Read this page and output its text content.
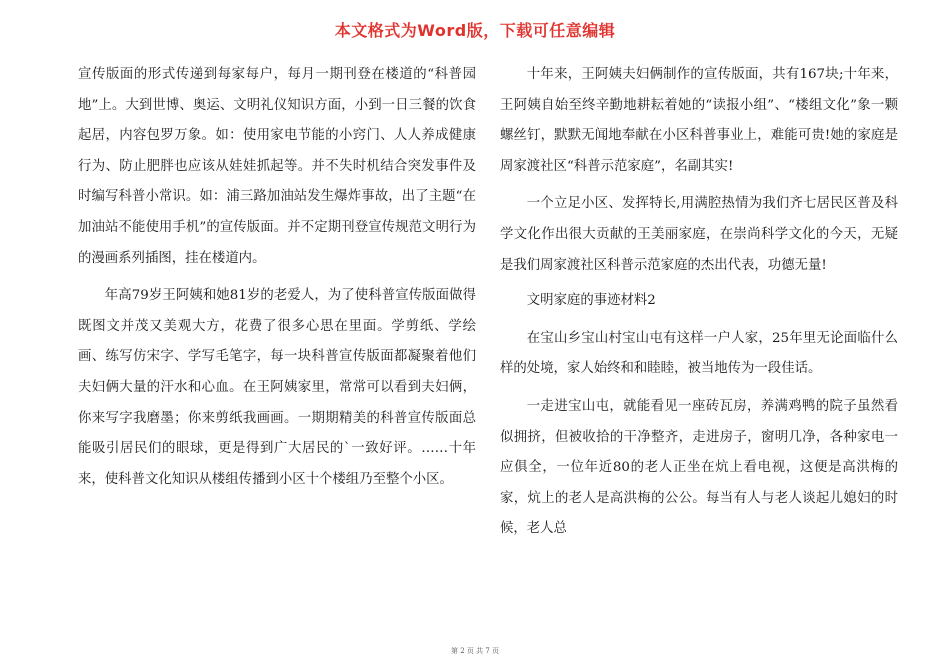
本文格式为Word版，下载可任意编辑

宣传版面的形式传递到每家每户，每月一期刊登在楼道的“科普园地”上。大到世博、奥运、文明礼仪知识方面，小到一日三餐的饮食起居，内容包罗万象。如：使用家电节能的小窍门、人人养成健康行为、防止肥胖也应该从娃娃抓起等。并不失时机结合突发事件及时编写科普小常识。如：浦三路加油站发生爆炸事故，出了主题“在加油站不能使用手机”的宣传版面。并不定期刊登宣传规范文明行为的漫画系列插图，挂在楼道内。

年高79岁王阿姨和她81岁的老爱人，为了使科普宣传版面做得既图文并茂又美观大方，花费了很多心思在里面。学剪纸、学绘画、练写仿宋字、学写毛笔字，每一块科普宣传版面都凝聚着他们夫妇俩大量的汗水和心血。在王阿姨家里，常常可以看到夫妇俩，你来写字我磨墨；你来剪纸我画画。一期期精美的科普宣传版面总能吸引居民们的眼球，更是得到广大居民的`一致好评。……十年来，使科普文化知识从楼组传播到小区十个楼组乃至整个小区。

十年来，王阿姨夫妇俩制作的宣传版面，共有167块;十年来，王阿姨自始至终辛勤地耕耘着她的“读报小组”、“楼组文化”象一颗螺丝钉，默默无闻地奉献在小区科普事业上，难能可贵!她的家庭是周家渡社区“科普示范家庭”，名副其实!

一个立足小区、发挥特长,用满腔热情为我们齐七居民区普及科学文化作出很大贡献的王美丽家庭，在崇尚科学文化的今天，无疑是我们周家渡社区科普示范家庭的杰出代表，功德无量!

文明家庭的事迹材料2

在宝山乡宝山村宝山屯有这样一户人家，25年里无论面临什么样的处境，家人始终和和睦睦，被当地传为一段佳话。

一走进宝山屯，就能看见一座砖瓦房，养满鸡鸭的院子虽然看似拥挤，但被收拾的干净整齐，走进房子，窗明几净，各种家电一应俱全，一位年近80的老人正坐在炕上看电视，这便是高洪梅的家，炕上的老人是高洪梅的公公。每当有人与老人谈起儿媳妇的时候，老人总

第 2 页 共 7 页
